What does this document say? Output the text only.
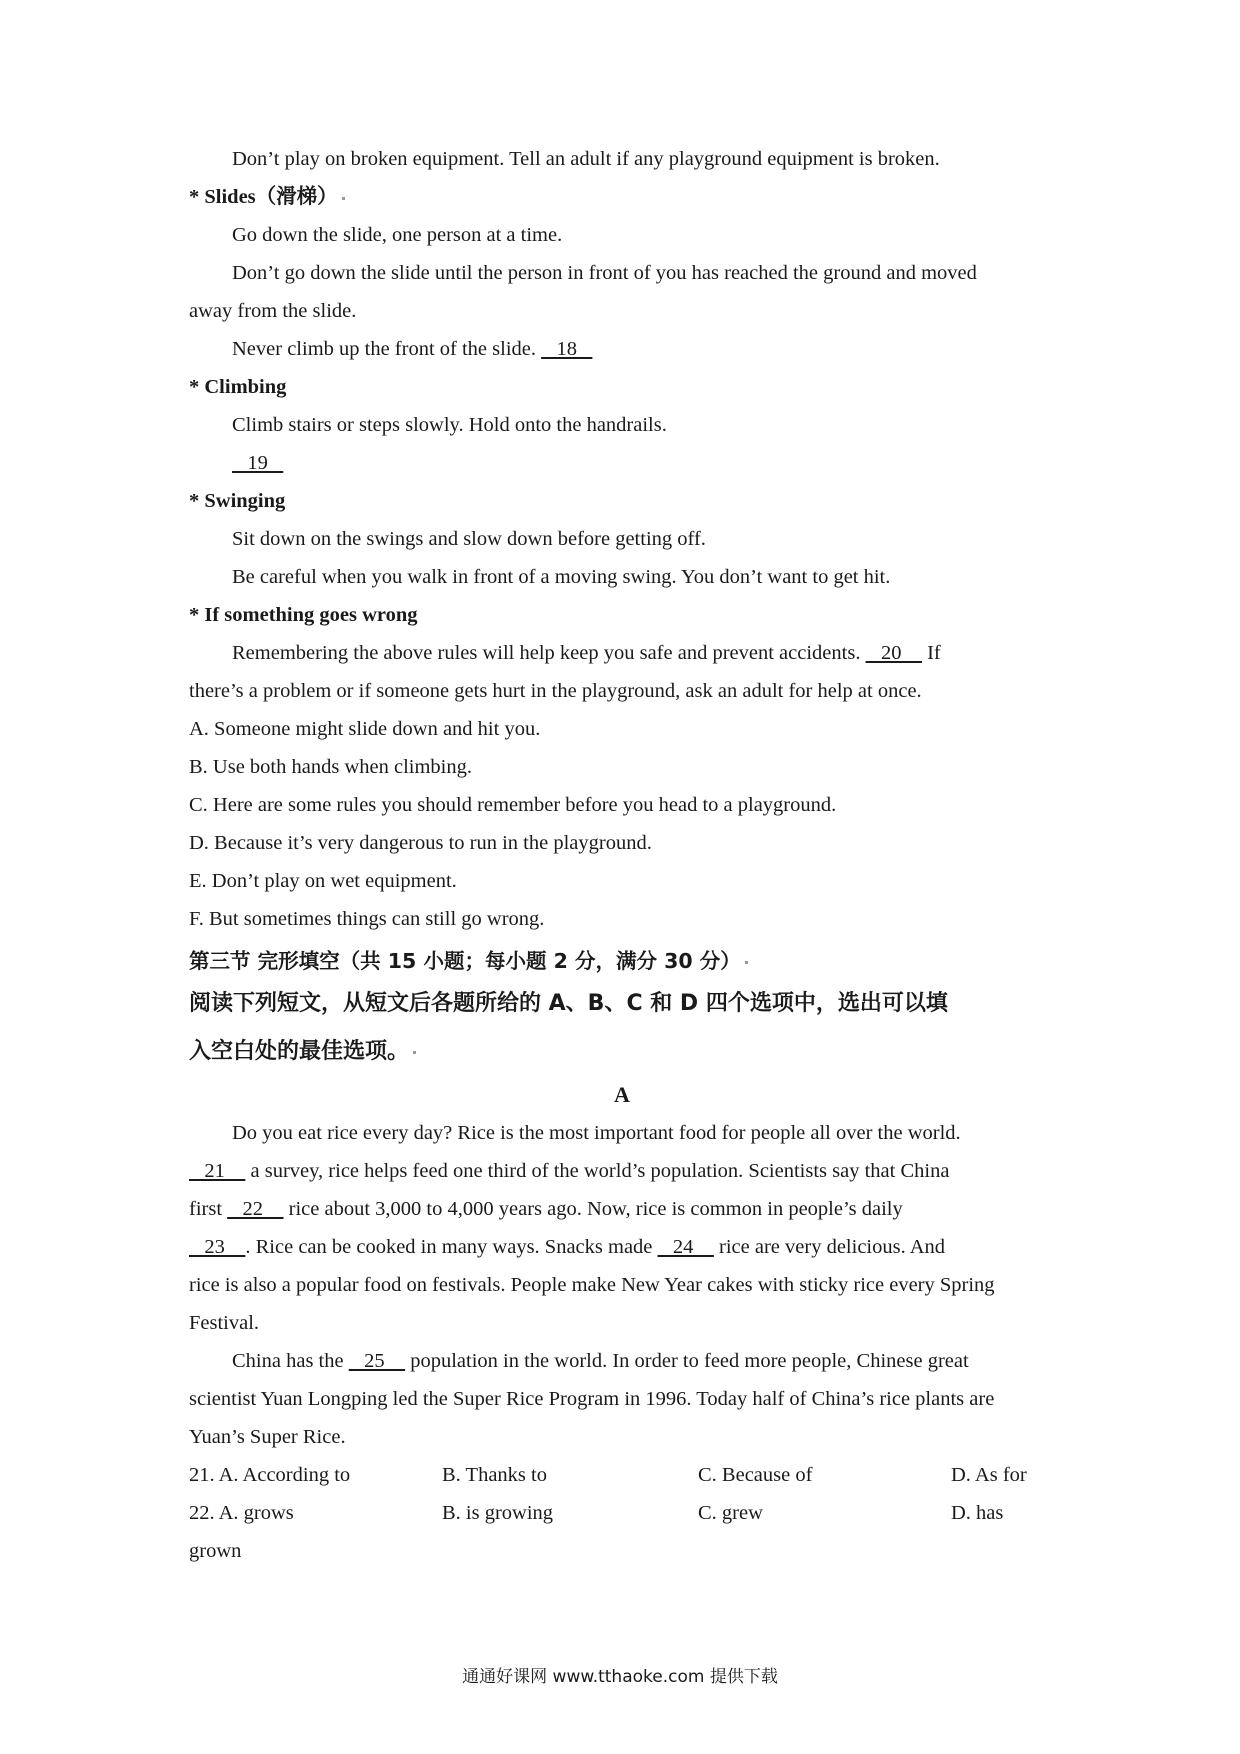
Don’t play on broken equipment. Tell an adult if any playground equipment is broken.
* Slides（滑梯）
Go down the slide, one person at a time.
Don’t go down the slide until the person in front of you has reached the ground and moved
away from the slide.
Never climb up the front of the slide.    18
* Climbing
Climb stairs or steps slowly. Hold onto the handrails.
19
* Swinging
Sit down on the swings and slow down before getting off.
Be careful when you walk in front of a moving swing. You don’t want to get hit.
* If something goes wrong
Remembering the above rules will help keep you safe and prevent accidents.    20     If
there’s a problem or if someone gets hurt in the playground, ask an adult for help at once.
A. Someone might slide down and hit you.
B. Use both hands when climbing.
C. Here are some rules you should remember before you head to a playground.
D. Because it’s very dangerous to run in the playground.
E. Don’t play on wet equipment.
F. But sometimes things can still go wrong.
第三节 完形填空（共 15 小题；每小题 2 分，满分 30 分）
阅读下列短文，从短文后各题所给的 A、B、C 和 D 四个选项中，选出可以填
入空白处的最佳选项。
A
Do you eat rice every day? Rice is the most important food for people all over the world.
21     a survey, rice helps feed one third of the world’s population. Scientists say that China
first    22     rice about 3,000 to 4,000 years ago. Now, rice is common in people’s daily
23    . Rice can be cooked in many ways. Snacks made    24     rice are very delicious. And
rice is also a popular food on festivals. People make New Year cakes with sticky rice every Spring
Festival.
China has the    25     population in the world. In order to feed more people, Chinese great
scientist Yuan Longping led the Super Rice Program in 1996. Today half of China’s rice plants are
Yuan’s Super Rice.
21. A. According to	B. Thanks to	C. Because of	D. As for
22. A. grows	B. is growing	C. grew	D. has
grown
通通好课网 www.tthaoke.com 提供下载
